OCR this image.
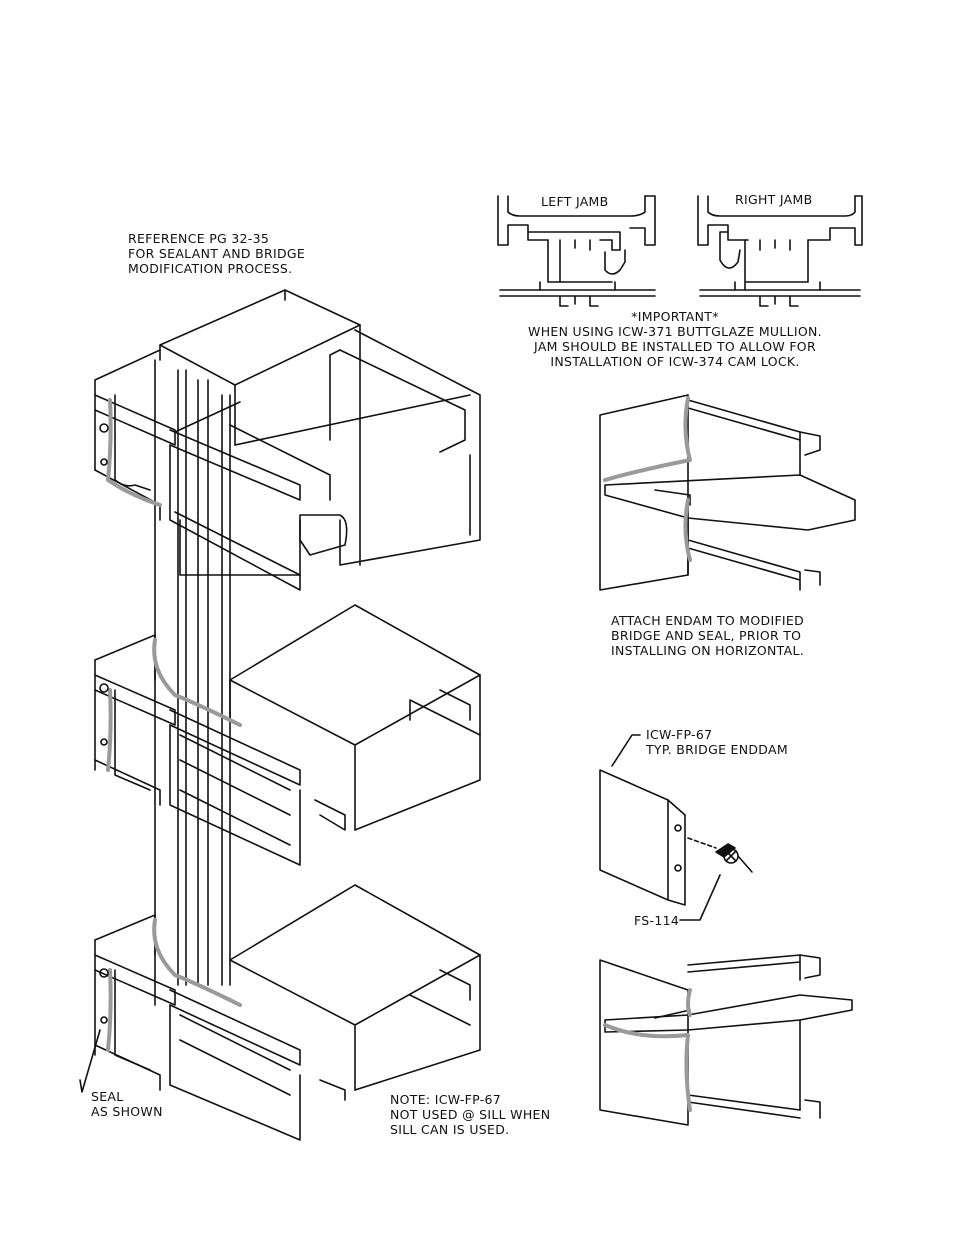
REFERENCE PG 32-35
FOR SEALANT AND BRIDGE
MODIFICATION PROCESS.
LEFT JAMB	RIGHT JAMB
*IMPORTANT*
WHEN USING ICW-371 BUTTGLAZE MULLION.
JAM SHOULD BE INSTALLED TO ALLOW FOR
INSTALLATION OF ICW-374 CAM LOCK.
ATTACH ENDAM TO MODIFIED
BRIDGE AND SEAL, PRIOR TO
INSTALLING ON HORIZONTAL.
ICW-FP-67
TYP. BRIDGE ENDDAM
FS-114
SEAL
AS SHOWN
NOTE: ICW-FP-67
NOT USED @ SILL WHEN
SILL CAN IS USED.
